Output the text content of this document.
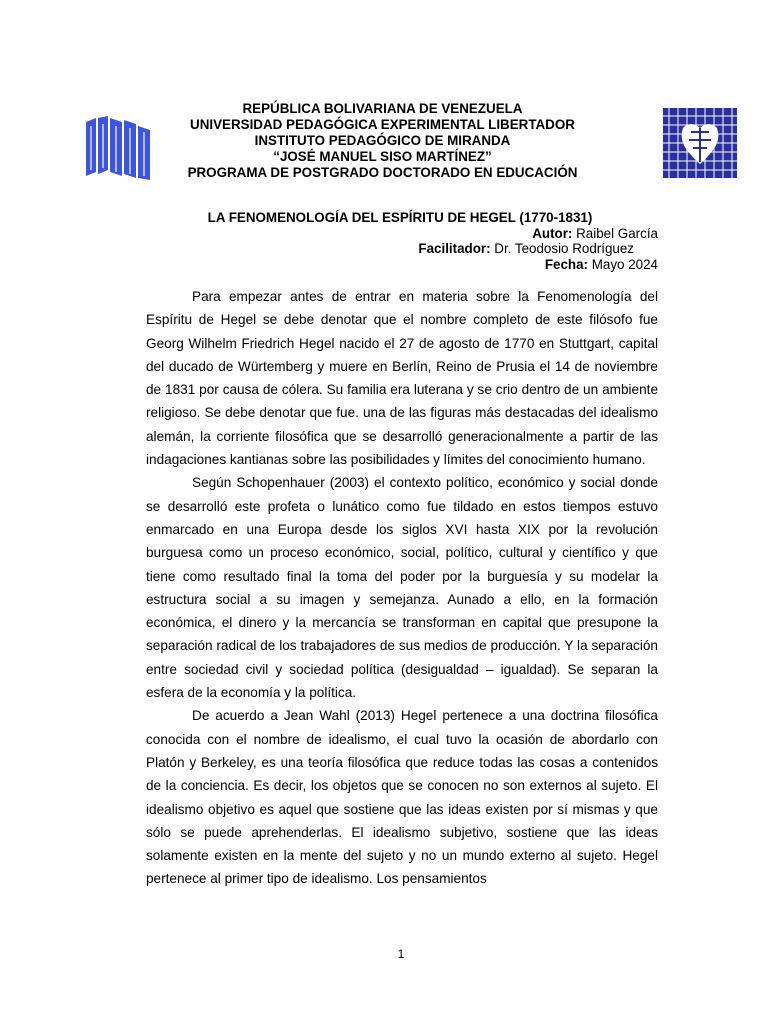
REPÚBLICA BOLIVARIANA DE VENEZUELA
UNIVERSIDAD PEDAGÓGICA EXPERIMENTAL LIBERTADOR
INSTITUTO PEDAGÓGICO DE MIRANDA
“JOSÉ MANUEL SISO MARTÍNEZ”
PROGRAMA DE POSTGRADO DOCTORADO EN EDUCACIÓN
LA FENOMENOLOGÍA DEL ESPÍRITU DE HEGEL (1770-1831)
Autor: Raibel García
Facilitador: Dr. Teodosio Rodríguez
Fecha: Mayo 2024

Para empezar antes de entrar en materia sobre la Fenomenología del Espíritu de Hegel se debe denotar que el nombre completo de este filósofo fue Georg Wilhelm Friedrich Hegel nacido el 27 de agosto de 1770 en Stuttgart, capital del ducado de Würtemberg y muere en Berlín, Reino de Prusia el 14 de noviembre de 1831 por causa de cólera. Su familia era luterana y se crio dentro de un ambiente religioso. Se debe denotar que fue. una de las figuras más destacadas del idealismo alemán, la corriente filosófica que se desarrolló generacionalmente a partir de las indagaciones kantianas sobre las posibilidades y límites del conocimiento humano.

Según Schopenhauer (2003) el contexto político, económico y social donde se desarrolló este profeta o lunático como fue tildado en estos tiempos estuvo enmarcado en una Europa desde los siglos XVI hasta XIX por la revolución burguesa como un proceso económico, social, político, cultural y científico y que tiene como resultado final la toma del poder por la burguesía y su modelar la estructura social a su imagen y semejanza. Aunado a ello, en la formación económica, el dinero y la mercancía se transforman en capital que presupone la separación radical de los trabajadores de sus medios de producción. Y la separación entre sociedad civil y sociedad política (desigualdad – igualdad). Se separan la esfera de la economía y la política.

De acuerdo a Jean Wahl (2013) Hegel pertenece a una doctrina filosófica conocida con el nombre de idealismo, el cual tuvo la ocasión de abordarlo con Platón y Berkeley, es una teoría filosófica que reduce todas las cosas a contenidos de la conciencia. Es decir, los objetos que se conocen no son externos al sujeto. El idealismo objetivo es aquel que sostiene que las ideas existen por sí mismas y que sólo se puede aprehenderlas. El idealismo subjetivo, sostiene que las ideas solamente existen en la mente del sujeto y no un mundo externo al sujeto. Hegel pertenece al primer tipo de idealismo. Los pensamientos

1
